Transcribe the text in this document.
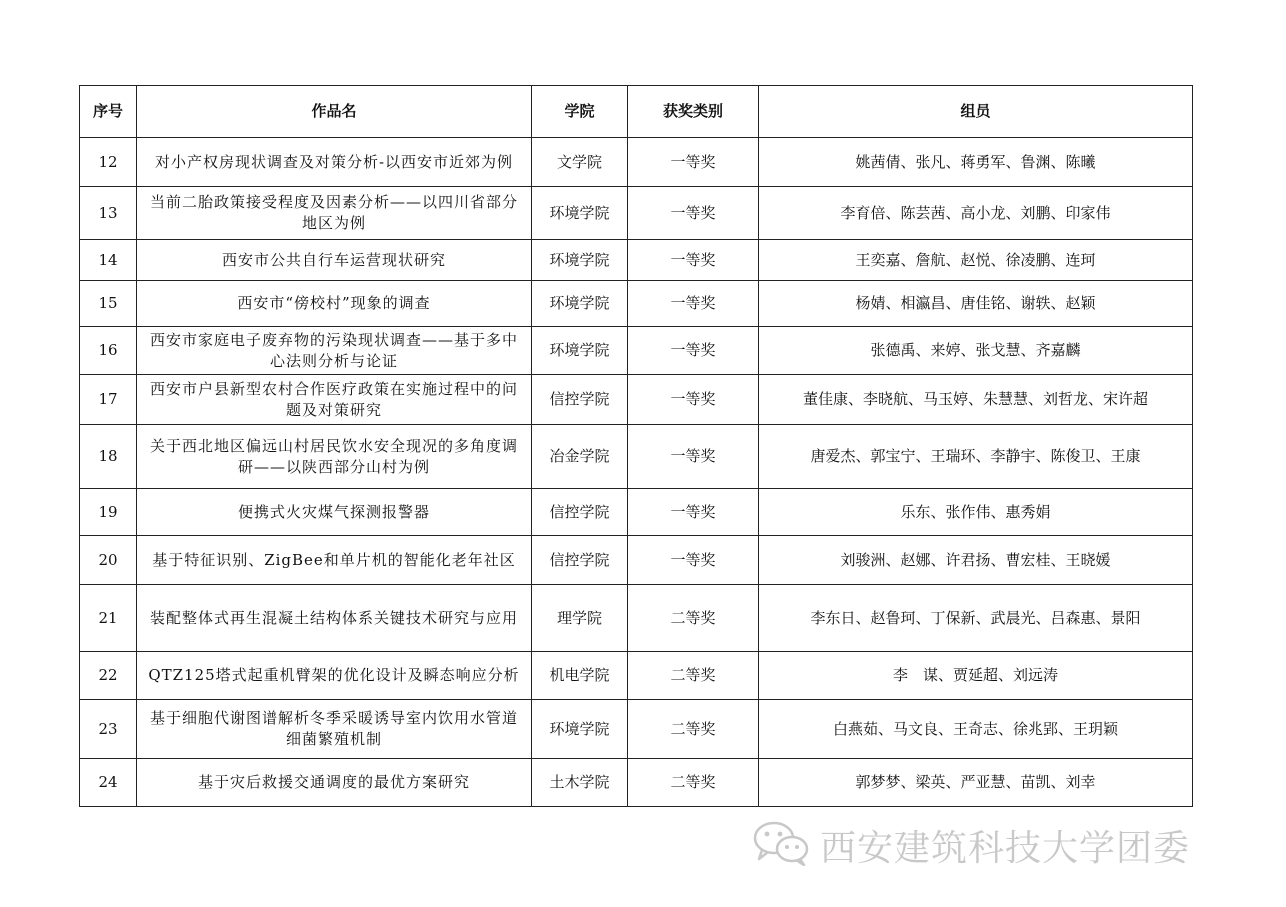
序号	作品名	学院	获奖类别	组员
12	对小产权房现状调查及对策分析-以西安市近郊为例	文学院	一等奖	姚茜倩、张凡、蒋勇军、鲁渊、陈曦
13	当前二胎政策接受程度及因素分析——以四川省部分地区为例	环境学院	一等奖	李育倍、陈芸茜、高小龙、刘鹏、印家伟
14	西安市公共自行车运营现状研究	环境学院	一等奖	王奕嘉、詹航、赵悦、徐凌鹏、连珂
15	西安市“傍校村”现象的调查	环境学院	一等奖	杨婧、相瀛昌、唐佳铭、谢轶、赵颖
16	西安市家庭电子废弃物的污染现状调查——基于多中心法则分析与论证	环境学院	一等奖	张德禹、来婷、张戈慧、齐嘉麟
17	西安市户县新型农村合作医疗政策在实施过程中的问题及对策研究	信控学院	一等奖	董佳康、李晓航、马玉婷、朱慧慧、刘哲龙、宋许超
18	关于西北地区偏远山村居民饮水安全现况的多角度调研——以陕西部分山村为例	冶金学院	一等奖	唐爱杰、郭宝宁、王瑞环、李静宇、陈俊卫、王康
19	便携式火灾煤气探测报警器	信控学院	一等奖	乐东、张作伟、惠秀娟
20	基于特征识别、ZigBee和单片机的智能化老年社区	信控学院	一等奖	刘骏洲、赵娜、许君扬、曹宏桂、王晓媛
21	装配整体式再生混凝土结构体系关键技术研究与应用	理学院	二等奖	李东日、赵鲁珂、丁保新、武晨光、吕森惠、景阳
22	QTZ125塔式起重机臂架的优化设计及瞬态响应分析	机电学院	二等奖	李　谋、贾延超、刘远涛
23	基于细胞代谢图谱解析冬季采暖诱导室内饮用水管道细菌繁殖机制	环境学院	二等奖	白燕茹、马文良、王奇志、徐兆郢、王玥颖
24	基于灾后救援交通调度的最优方案研究	土木学院	二等奖	郭梦梦、梁英、严亚慧、苗凯、刘幸
西安建筑科技大学团委
